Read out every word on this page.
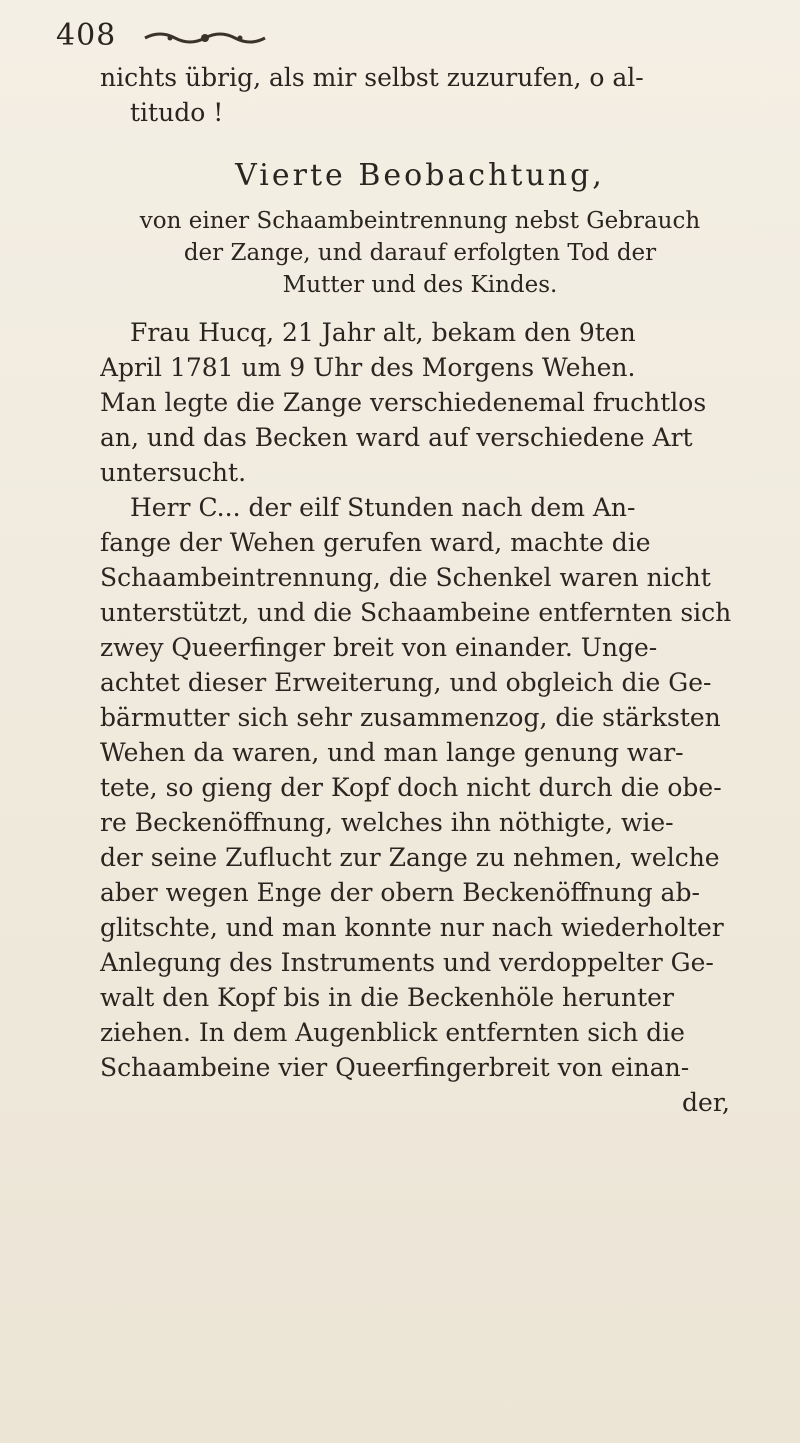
408
nichts übrig, als mir selbst zuzurufen, o al-
titudo !
Vierte Beobachtung,
von einer Schaambeintrennung nebst Gebrauch
der Zange, und darauf erfolgten Tod der
Mutter und des Kindes.
Frau Hucq, 21 Jahr alt, bekam den 9ten
April 1781 um 9 Uhr des Morgens Wehen.
Man legte die Zange verschiedenemal fruchtlos
an, und das Becken ward auf verschiedene Art
untersucht.
Herr C... der eilf Stunden nach dem An-
fange der Wehen gerufen ward, machte die
Schaambeintrennung, die Schenkel waren nicht
unterstützt, und die Schaambeine entfernten sich
zwey Queerfinger breit von einander. Unge-
achtet dieser Erweiterung, und obgleich die Ge-
bärmutter sich sehr zusammenzog, die stärksten
Wehen da waren, und man lange genung war-
tete, so gieng der Kopf doch nicht durch die obe-
re Beckenöffnung, welches ihn nöthigte, wie-
der seine Zuflucht zur Zange zu nehmen, welche
aber wegen Enge der obern Beckenöffnung ab-
glitschte, und man konnte nur nach wiederholter
Anlegung des Instruments und verdoppelter Ge-
walt den Kopf bis in die Beckenhöle herunter
ziehen. In dem Augenblick entfernten sich die
Schaambeine vier Queerfingerbreit von einan-
der,
